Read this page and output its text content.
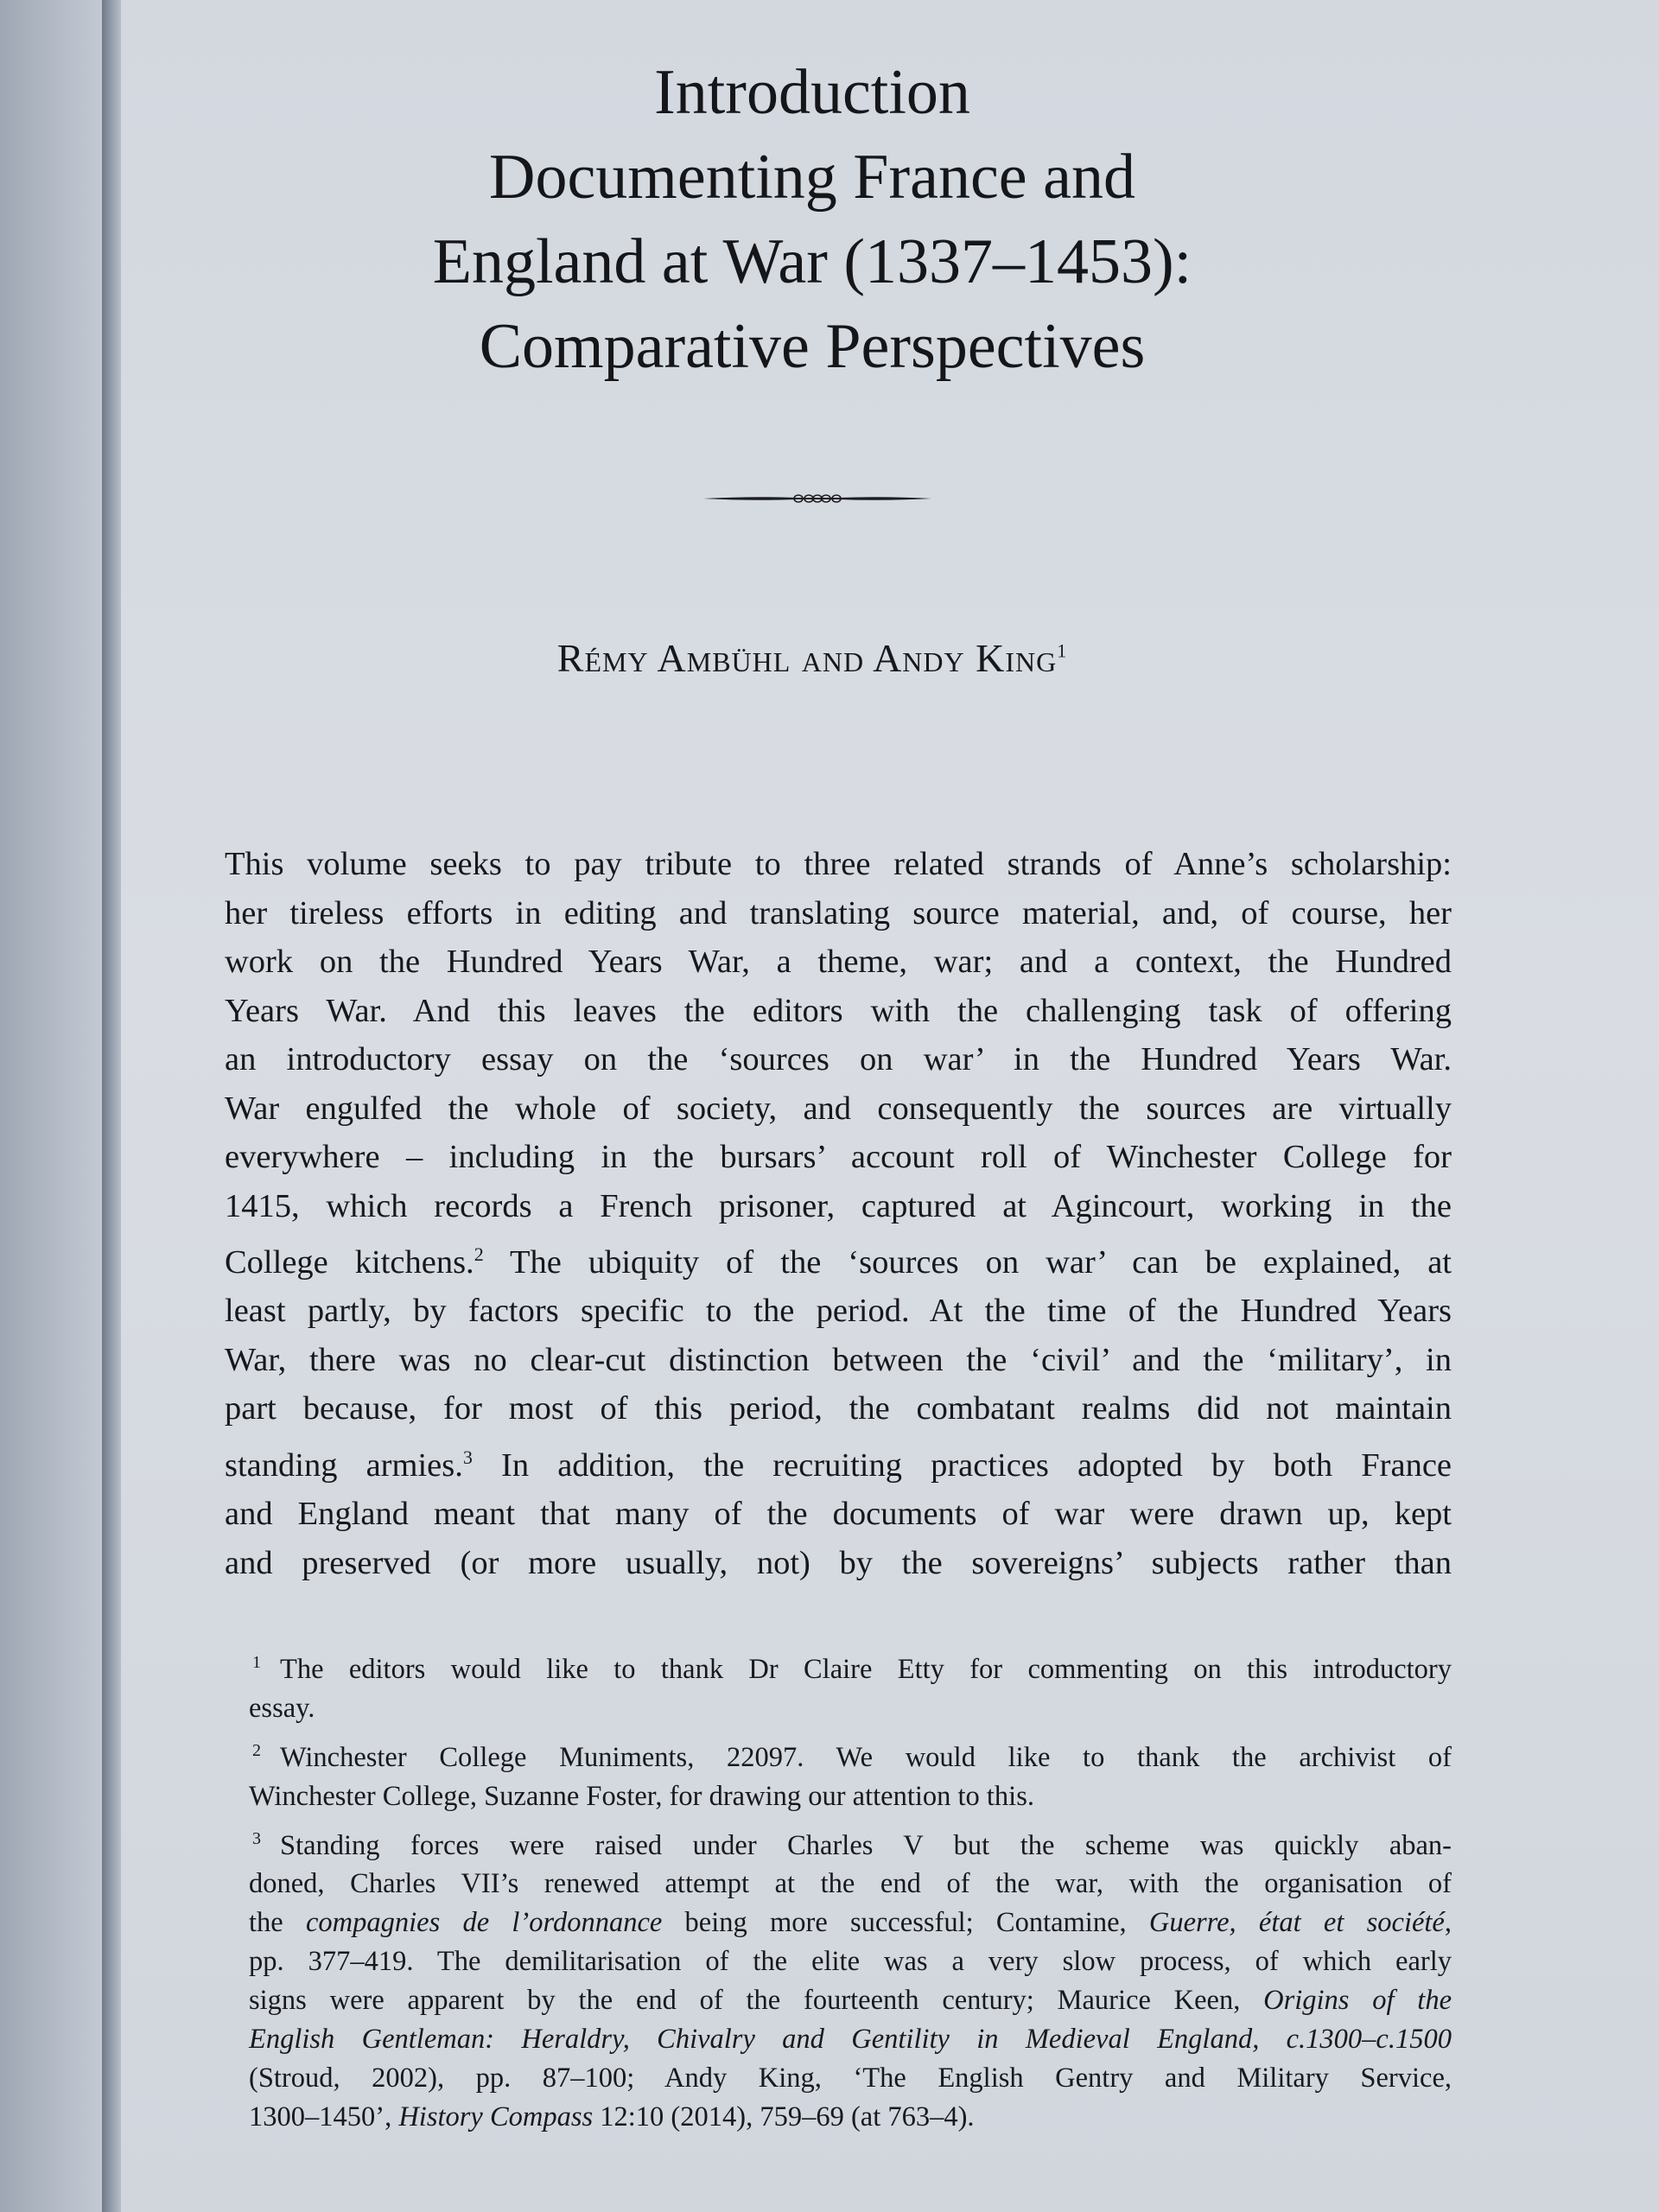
Introduction
Documenting France and
England at War (1337–1453):
Comparative Perspectives
Rémy Ambühl and Andy King$^1$
This volume seeks to pay tribute to three related strands of Anne’s scholarship:
her tireless efforts in editing and translating source material, and, of course, her
work on the Hundred Years War, a theme, war; and a context, the Hundred
Years War. And this leaves the editors with the challenging task of offering
an introductory essay on the ‘sources on war’ in the Hundred Years War.
War engulfed the whole of society, and consequently the sources are virtually
everywhere – including in the bursars’ account roll of Winchester College for
1415, which records a French prisoner, captured at Agincourt, working in the
College kitchens.$^2$ The ubiquity of the ‘sources on war’ can be explained, at
least partly, by factors specific to the period. At the time of the Hundred Years
War, there was no clear-cut distinction between the ‘civil’ and the ‘military’, in
part because, for most of this period, the combatant realms did not maintain
standing armies.$^3$ In addition, the recruiting practices adopted by both France
and England meant that many of the documents of war were drawn up, kept
and preserved (or more usually, not) by the sovereigns’ subjects rather than
$^1$ The editors would like to thank Dr Claire Etty for commenting on this introductory
essay.
$^2$ Winchester College Muniments, 22097. We would like to thank the archivist of
Winchester College, Suzanne Foster, for drawing our attention to this.
$^3$ Standing forces were raised under Charles V but the scheme was quickly aban-
doned, Charles VII’s renewed attempt at the end of the war, with the organisation of
the compagnies de l’ordonnance being more successful; Contamine, Guerre, état et société,
pp. 377–419. The demilitarisation of the elite was a very slow process, of which early
signs were apparent by the end of the fourteenth century; Maurice Keen, Origins of the
English Gentleman: Heraldry, Chivalry and Gentility in Medieval England, c.1300–c.1500
(Stroud, 2002), pp. 87–100; Andy King, ‘The English Gentry and Military Service,
1300–1450’, History Compass 12:10 (2014), 759–69 (at 763–4).
